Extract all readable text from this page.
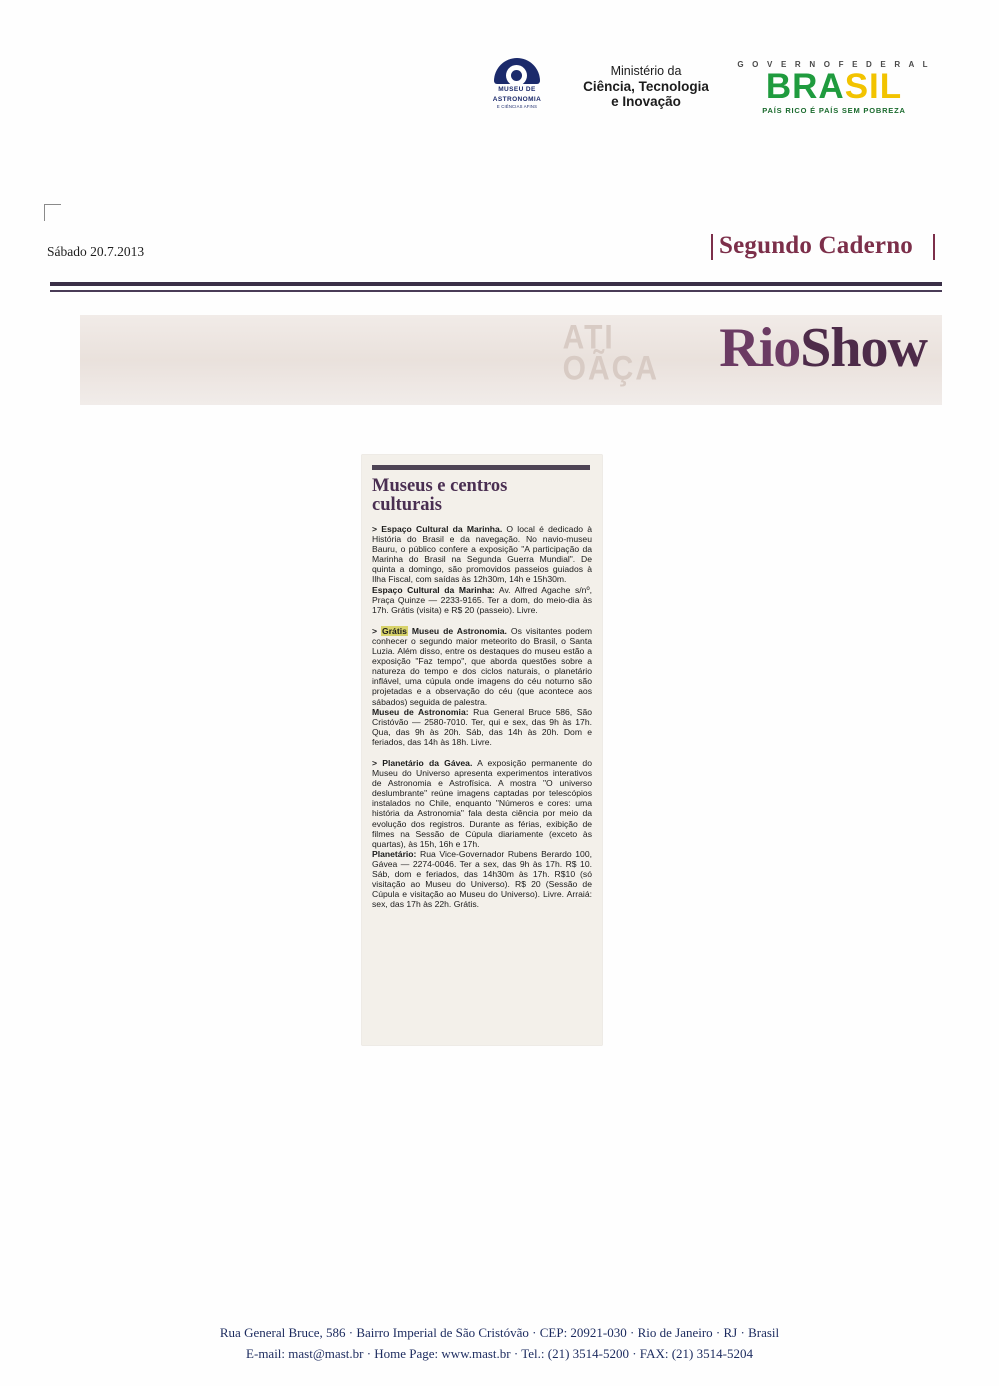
MUSEU DE
ASTRONOMIA
E CIÊNCIAS AFINS
Ministério da
Ciência, Tecnologia
e Inovação
G O V E R N O F E D E R A L
BRASIL
PAÍS RICO É PAÍS SEM POBREZA
Sábado 20.7.2013	Segundo Caderno
ATI
OÃÇA RioShow
Museus e centros
culturais

> Espaço Cultural da Marinha. O local é dedicado à História do Brasil e da navegação. No navio-museu Bauru, o público confere a exposição "A participação da Marinha do Brasil na Segunda Guerra Mundial". De quinta a domingo, são promovidos passeios guiados à Ilha Fiscal, com saídas às 12h30m, 14h e 15h30m.

Espaço Cultural da Marinha: Av. Alfred Agache s/nº, Praça Quinze — 2233-9165. Ter a dom, do meio-dia às 17h. Grátis (visita) e R$ 20 (passeio). Livre.

> Grátis Museu de Astronomia. Os visitantes podem conhecer o segundo maior meteorito do Brasil, o Santa Luzia. Além disso, entre os destaques do museu estão a exposição "Faz tempo", que aborda questões sobre a natureza do tempo e dos ciclos naturais, o planetário inflável, uma cúpula onde imagens do céu noturno são projetadas e a observação do céu (que acontece aos sábados) seguida de palestra.

Museu de Astronomia: Rua General Bruce 586, São Cristóvão — 2580-7010. Ter, qui e sex, das 9h às 17h. Qua, das 9h às 20h. Sáb, das 14h às 20h. Dom e feriados, das 14h às 18h. Livre.

> Planetário da Gávea. A exposição permanente do Museu do Universo apresenta experimentos interativos de Astronomia e Astrofísica. A mostra "O universo deslumbrante" reúne imagens captadas por telescópios instalados no Chile, enquanto "Números e cores: uma história da Astronomia" fala desta ciência por meio da evolução dos registros. Durante as férias, exibição de filmes na Sessão de Cúpula diariamente (exceto às quartas), às 15h, 16h e 17h.

Planetário: Rua Vice-Governador Rubens Berardo 100, Gávea — 2274-0046. Ter a sex, das 9h às 17h. R$ 10. Sáb, dom e feriados, das 14h30m às 17h. R$10 (só visitação ao Museu do Universo). R$ 20 (Sessão de Cúpula e visitação ao Museu do Universo). Livre. Arraiá: sex, das 17h às 22h. Grátis.

Rua General Bruce, 586 · Bairro Imperial de São Cristóvão · CEP: 20921-030 · Rio de Janeiro · RJ · Brasil
E-mail: mast@mast.br · Home Page: www.mast.br · Tel.: (21) 3514-5200 · FAX: (21) 3514-5204
